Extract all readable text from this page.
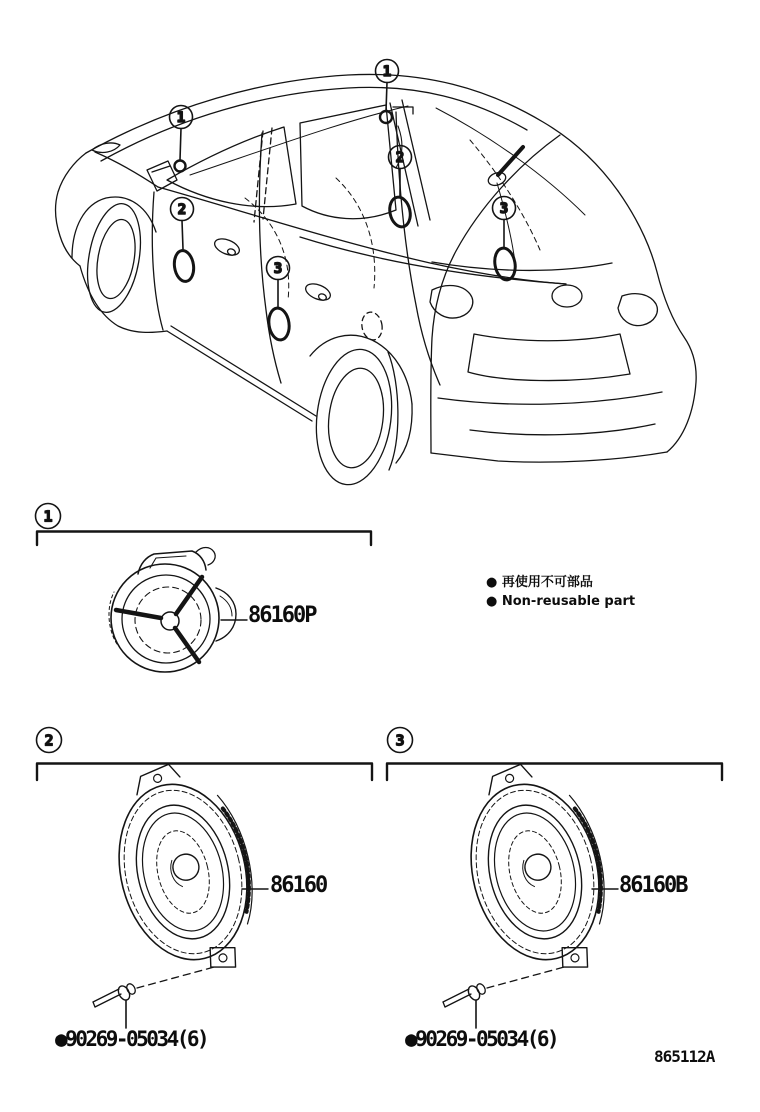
1
1
2
2
3
3
1
2	3
86160P
86160	86160B
●90269-05034(6)	●90269-05034(6)
● 再使用不可部品
● Non-reusable part
865112A
